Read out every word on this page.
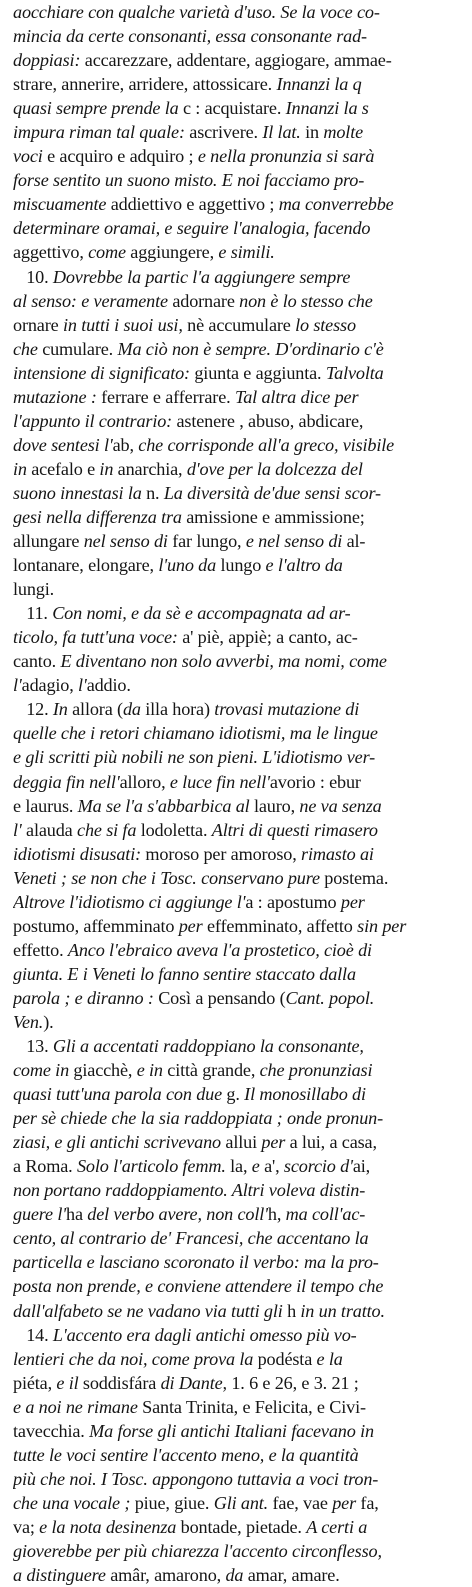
aocchiare con qualche varietà d'uso. Se la voce co-
mincia da certe consonanti, essa consonante rad-
doppiasi: accarezzare, addentare, aggiogare, ammae-
strare, annerire, arridere, attossicare. Innanzi la q
quasi sempre prende la c : acquistare. Innanzi la s
impura riman tal quale: ascrivere. Il lat. in molte
voci e acquiro e adquiro ; e nella pronunzia si sarà
forse sentito un suono misto. E noi facciamo pro-
miscuamente addiettivo e aggettivo ; ma converrebbe
determinare oramai, e seguire l'analogia, facendo
aggettivo, come aggiungere, e simili.
10. Dovrebbe la partic l'a aggiungere sempre
al senso: e veramente adornare non è lo stesso che
ornare in tutti i suoi usi, nè accumulare lo stesso
che cumulare. Ma ciò non è sempre. D'ordinario c'è
intensione di significato: giunta e aggiunta. Talvolta
mutazione : ferrare e afferrare. Tal altra dice per
l'appunto il contrario: astenere , abuso, abdicare,
dove sentesi l'ab, che corrisponde all'a greco, visibile
in acefalo e in anarchia, d'ove per la dolcezza del
suono innestasi la n. La diversità de'due sensi scor-
gesi nella differenza tra amissione e ammissione;
allungare nel senso di far lungo, e nel senso di al-
lontanare, elongare, l'uno da lungo e l'altro da
lungi.
11. Con nomi, e da sè e accompagnata ad ar-
ticolo, fa tutt'una voce: a' piè, appiè; a canto, ac-
canto. E diventano non solo avverbi, ma nomi, come
l'adagio, l'addio.
12. In allora (da illa hora) trovasi mutazione di
quelle che i retori chiamano idiotismi, ma le lingue
e gli scritti più nobili ne son pieni. L'idiotismo ver-
deggia fin nell'alloro, e luce fin nell'avorio : ebur
e laurus. Ma se l'a s'abbarbica al lauro, ne va senza
l' alauda che si fa lodoletta. Altri di questi rimasero
idiotismi disusati: moroso per amoroso, rimasto ai
Veneti ; se non che i Tosc. conservano pure postema.
Altrove l'idiotismo ci aggiunge l'a : apostumo per
postumo, affemminato per effemminato, affetto sin per
effetto. Anco l'ebraico aveva l'a prostetico, cioè di
giunta. E i Veneti lo fanno sentire staccato dalla
parola ; e diranno : Così a pensando (Cant. popol.
Ven.).
13. Gli a accentati raddoppiano la consonante,
come in giacchè, e in città grande, che pronunziasi
quasi tutt'una parola con due g. Il monosillabo di
per sè chiede che la sia raddoppiata ; onde pronun-
ziasi, e gli antichi scrivevano allui per a lui, a casa,
a Roma. Solo l'articolo femm. la, e a', scorcio d'ai,
non portano raddoppiamento. Altri voleva distin-
guere l'ha del verbo avere, non coll'h, ma coll'ac-
cento, al contrario de' Francesi, che accentano la
particella e lasciano scoronato il verbo: ma la pro-
posta non prende, e conviene attendere il tempo che
dall'alfabeto se ne vadano via tutti gli h in un tratto.
14. L'accento era dagli antichi omesso più vo-
lentieri che da noi, come prova la podésta e la
piéta, e il soddisfára di Dante, 1. 6 e 26, e 3. 21 ;
e a noi ne rimane Santa Trinita, e Felicita, e Civi-
tavecchia. Ma forse gli antichi Italiani facevano in
tutte le voci sentire l'accento meno, e la quantità
più che noi. I Tosc. appongono tuttavia a voci tron-
che una vocale ; piue, giue. Gli ant. fae, vae per fa,
va; e la nota desinenza bontade, pietade. A certi a
gioverebbe per più chiarezza l'accento circonflesso,
a distinguere amâr, amarono, da amar, amare.
